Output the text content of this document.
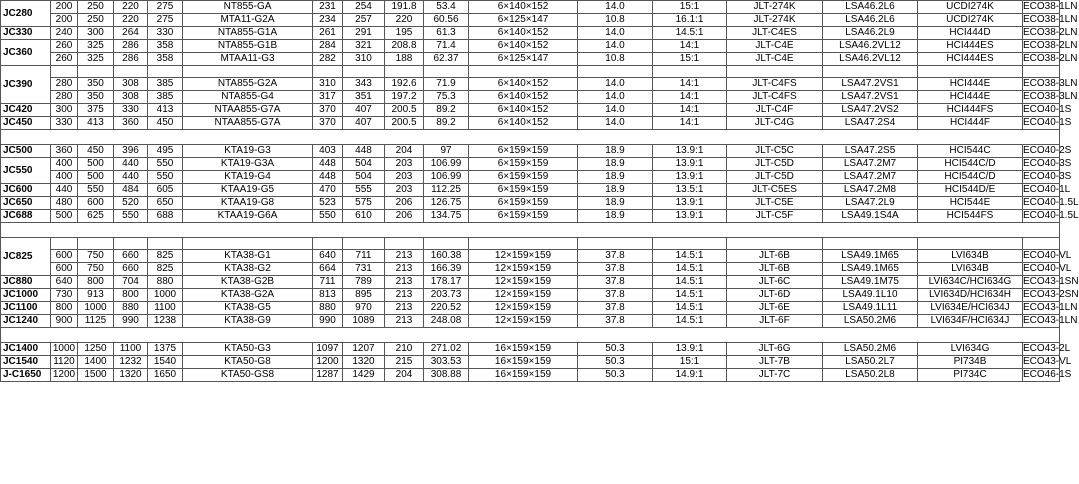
JC280	200	250	220	275	NT855-GA	231	254	191.8	53.4	6×140×152	14.0	15:1	JLT-274K	LSA46.2L6	UCDI274K	ECO38-1LN
	200	250	220	275	MTA11-G2A	234	257	220	60.56	6×125×147	10.8	16.1:1	JLT-274K	LSA46.2L6	UCDI274K	ECO38-1LN
JC330	240	300	264	330	NTA855-G1A	261	291	195	61.3	6×140×152	14.0	14.5:1	JLT-C4ES	LSA46.2L9	HCI444D	ECO38-2LN
JC360	260	325	286	358	NTA855-G1B	284	321	208.8	71.4	6×140×152	14.0	14:1	JLT-C4E	LSA46.2VL12	HCI444ES	ECO38-2LN
	260	325	286	358	MTAA11-G3	282	310	188	62.37	6×125×147	10.8	15:1	JLT-C4E	LSA46.2VL12	HCI444ES	ECO38-2LN
JC390																
	280	350	308	385	NTA855-G2A	310	343	192.6	71.9	6×140×152	14.0	14:1	JLT-C4FS	LSA47.2VS1	HCI444E	ECO38-3LN
	280	350	308	385	NTA855-G4	317	351	197.2	75.3	6×140×152	14.0	14:1	JLT-C4FS	LSA47.2VS1	HCI444E	ECO38-3LN
JC420	300	375	330	413	NTAA855-G7A	370	407	200.5	89.2	6×140×152	14.0	14:1	JLT-C4F	LSA47.2VS2	HCI444FS	ECO40-1S
JC450	330	413	360	450	NTAA855-G7A	370	407	200.5	89.2	6×140×152	14.0	14:1	JLT-C4G	LSA47.2S4	HCI444F	ECO40-1S

JC500	360	450	396	495	KTA19-G3	403	448	204	97	6×159×159	18.9	13.9:1	JLT-C5C	LSA47.2S5	HCI544C	ECO40-2S
JC550	400	500	440	550	KTA19-G3A	448	504	203	106.99	6×159×159	18.9	13.9:1	JLT-C5D	LSA47.2M7	HCI544C/D	ECO40-3S
	400	500	440	550	KTA19-G4	448	504	203	106.99	6×159×159	18.9	13.9:1	JLT-C5D	LSA47.2M7	HCI544C/D	ECO40-3S
JC600	440	550	484	605	KTAA19-G5	470	555	203	112.25	6×159×159	18.9	13.5:1	JLT-C5ES	LSA47.2M8	HCI544D/E	ECO40-1L
JC650	480	600	520	650	KTAA19-G8	523	575	206	126.75	6×159×159	18.9	13.9:1	JLT-C5E	LSA47.2L9	HCI544E	ECO40-1.5L
JC688	500	625	550	688	KTAA19-G6A	550	610	206	134.75	6×159×159	18.9	13.9:1	JLT-C5F	LSA49.1S4A	HCI544FS	ECO40-1.5L

JC825																
	600	750	660	825	KTA38-G1	640	711	213	160.38	12×159×159	37.8	14.5:1	JLT-6B	LSA49.1M65	LVI634B	ECO40-VL
	600	750	660	825	KTA38-G2	664	731	213	166.39	12×159×159	37.8	14.5:1	JLT-6B	LSA49.1M65	LVI634B	ECO40-VL
JC880	640	800	704	880	KTA38-G2B	711	789	213	178.17	12×159×159	37.8	14.5:1	JLT-6C	LSA49.1M75	LVI634C/HCI634G	ECO43-1SN
JC1000	730	913	800	1000	KTA38-G2A	813	895	213	203.73	12×159×159	37.8	14.5:1	JLT-6D	LSA49.1L10	LVI634D/HCI634H	ECO43-2SN
JC1100	800	1000	880	1100	KTA38-G5	880	970	213	220.52	12×159×159	37.8	14.5:1	JLT-6E	LSA49.1L11	LVI634E/HCI634J	ECO43-1LN
JC1240	900	1125	990	1238	KTA38-G9	990	1089	213	248.08	12×159×159	37.8	14.5:1	JLT-6F	LSA50.2M6	LVI634F/HCI634J	ECO43-1LN

JC1400	1000	1250	1100	1375	KTA50-G3	1097	1207	210	271.02	16×159×159	50.3	13.9:1	JLT-6G	LSA50.2M6	LVI634G	ECO43-2L
JC1540	1120	1400	1232	1540	KTA50-G8	1200	1320	215	303.53	16×159×159	50.3	15:1	JLT-7B	LSA50.2L7	PI734B	ECO43-VL
J-C1650	1200	1500	1320	1650	KTA50-GS8	1287	1429	204	308.88	16×159×159	50.3	14.9:1	JLT-7C	LSA50.2L8	PI734C	ECO46-1S
